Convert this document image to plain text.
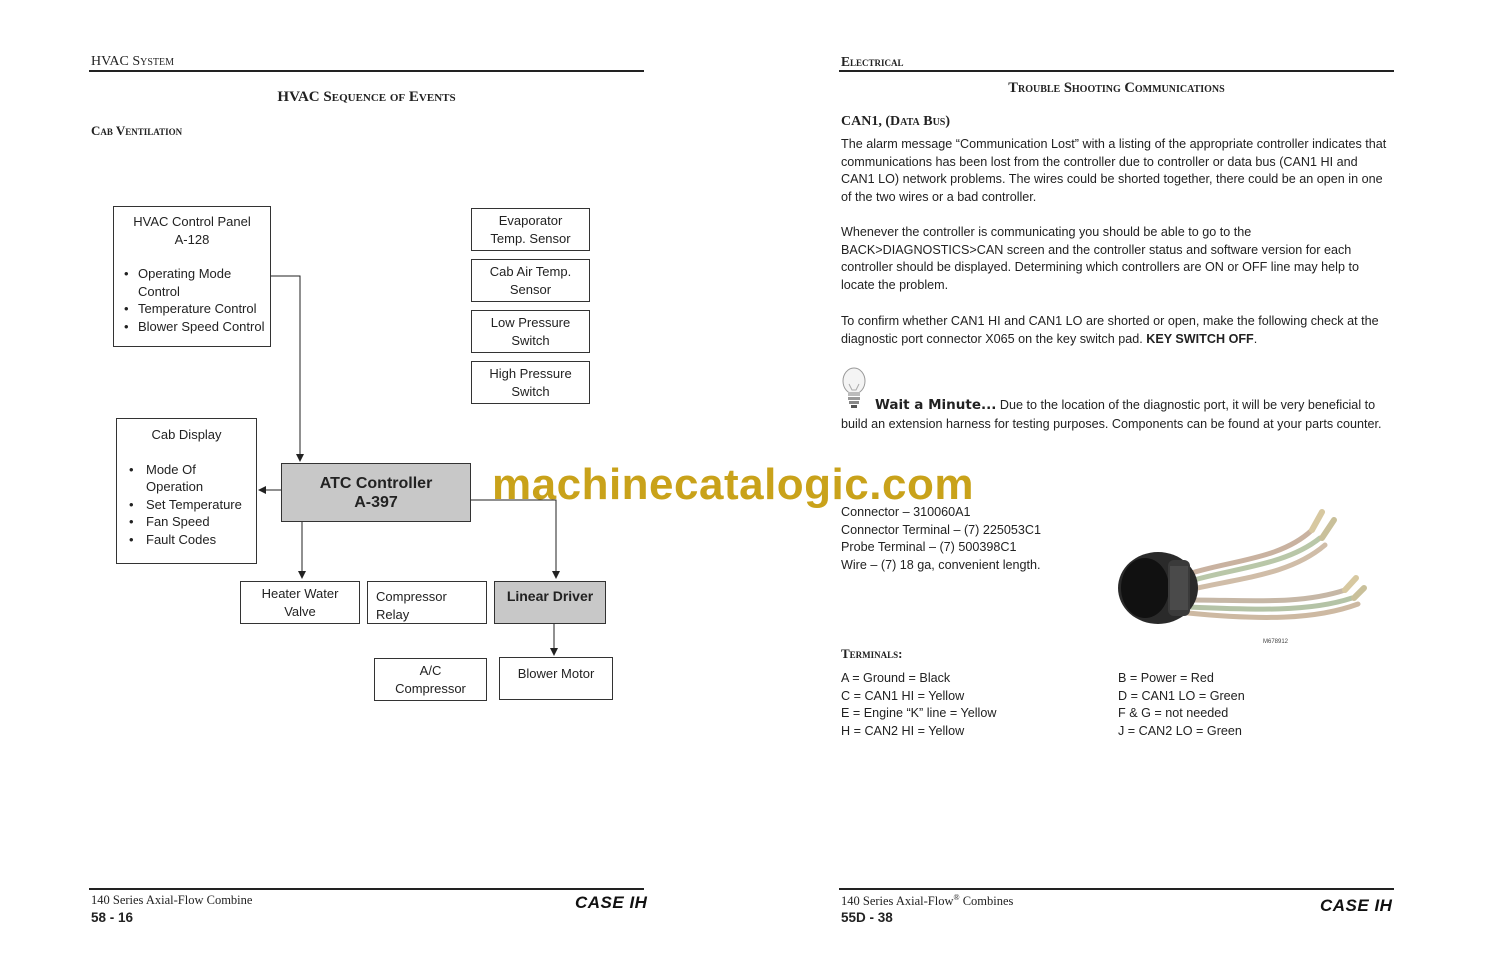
HVAC System
HVAC Sequence of Events
Cab Ventilation
HVAC Control Panel
A-128
• Operating Mode Control
• Temperature Control
• Blower Speed Control
Cab Display
• Mode Of Operation
• Set Temperature
• Fan Speed
• Fault Codes
ATC Controller
A-397
Evaporator
Temp. Sensor
Cab Air Temp.
Sensor
Low Pressure
Switch
High Pressure
Switch
Heater Water
Valve
Compressor
Relay
Linear Driver
A/C
Compressor
Blower Motor
140 Series Axial-Flow Combine
58 - 16
CASE IH
Electrical
Trouble Shooting Communications
CAN1, (Data Bus)
The alarm message “Communication Lost” with a listing of the appropriate controller indicates that communications has been lost from the controller due to controller or data bus (CAN1 HI and CAN1 LO) network problems. The wires could be shorted together, there could be an open in one of the two wires or a bad controller.
Whenever the controller is communicating you should be able to go to the BACK>DIAGNOSTICS>CAN screen and the controller status and software version for each controller should be displayed. Determining which controllers are ON or OFF line may help to locate the problem.
To confirm whether CAN1 HI and CAN1 LO are shorted or open, make the following check at the diagnostic port connector X065 on the key switch pad. KEY SWITCH OFF.
Wait a Minute... Due to the location of the diagnostic port, it will be very beneficial to build an extension harness for testing purposes. Components can be found at your parts counter.
Connector – 310060A1
Connector Terminal – (7) 225053C1
Probe Terminal – (7) 500398C1
Wire – (7) 18 ga, convenient length.
M678912
Terminals:
A = Ground = Black
C = CAN1 HI = Yellow
E = Engine “K” line = Yellow
H = CAN2 HI = Yellow
B = Power = Red
D = CAN1 LO = Green
F & G = not needed
J = CAN2 LO = Green
140 Series Axial-Flow® Combines
55D - 38
CASE IH
machinecatalogic.com
